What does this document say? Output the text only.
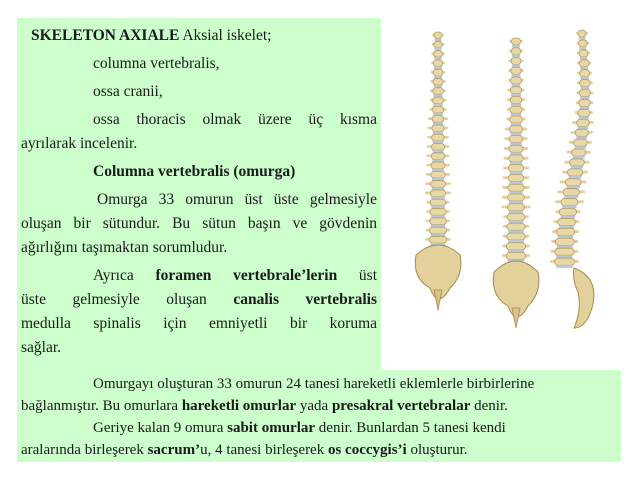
SKELETON AXIALE Aksial iskelet;
columna vertebralis,
ossa cranii,
ossa thoracis olmak üzere üç kısma
ayrılarak incelenir.
Columna vertebralis (omurga)
Omurga 33 omurun üst üste gelmesiyle
oluşan bir sütundur. Bu sütun başın ve gövdenin
ağırlığını taşımaktan sorumludur.
Ayrıca foramen vertebrale’lerin üst
üste gelmesiyle oluşan canalis vertebralis
medulla spinalis için emniyetli bir koruma
sağlar.
Omurgayı oluşturan 33 omurun 24 tanesi hareketli eklemlerle birbirlerine
bağlanmıştır. Bu omurlara hareketli omurlar yada presakral vertebralar denir.
Geriye kalan 9 omura sabit omurlar denir. Bunlardan 5 tanesi kendi
aralarında birleşerek sacrum’u, 4 tanesi birleşerek os coccygis’i oluşturur.
